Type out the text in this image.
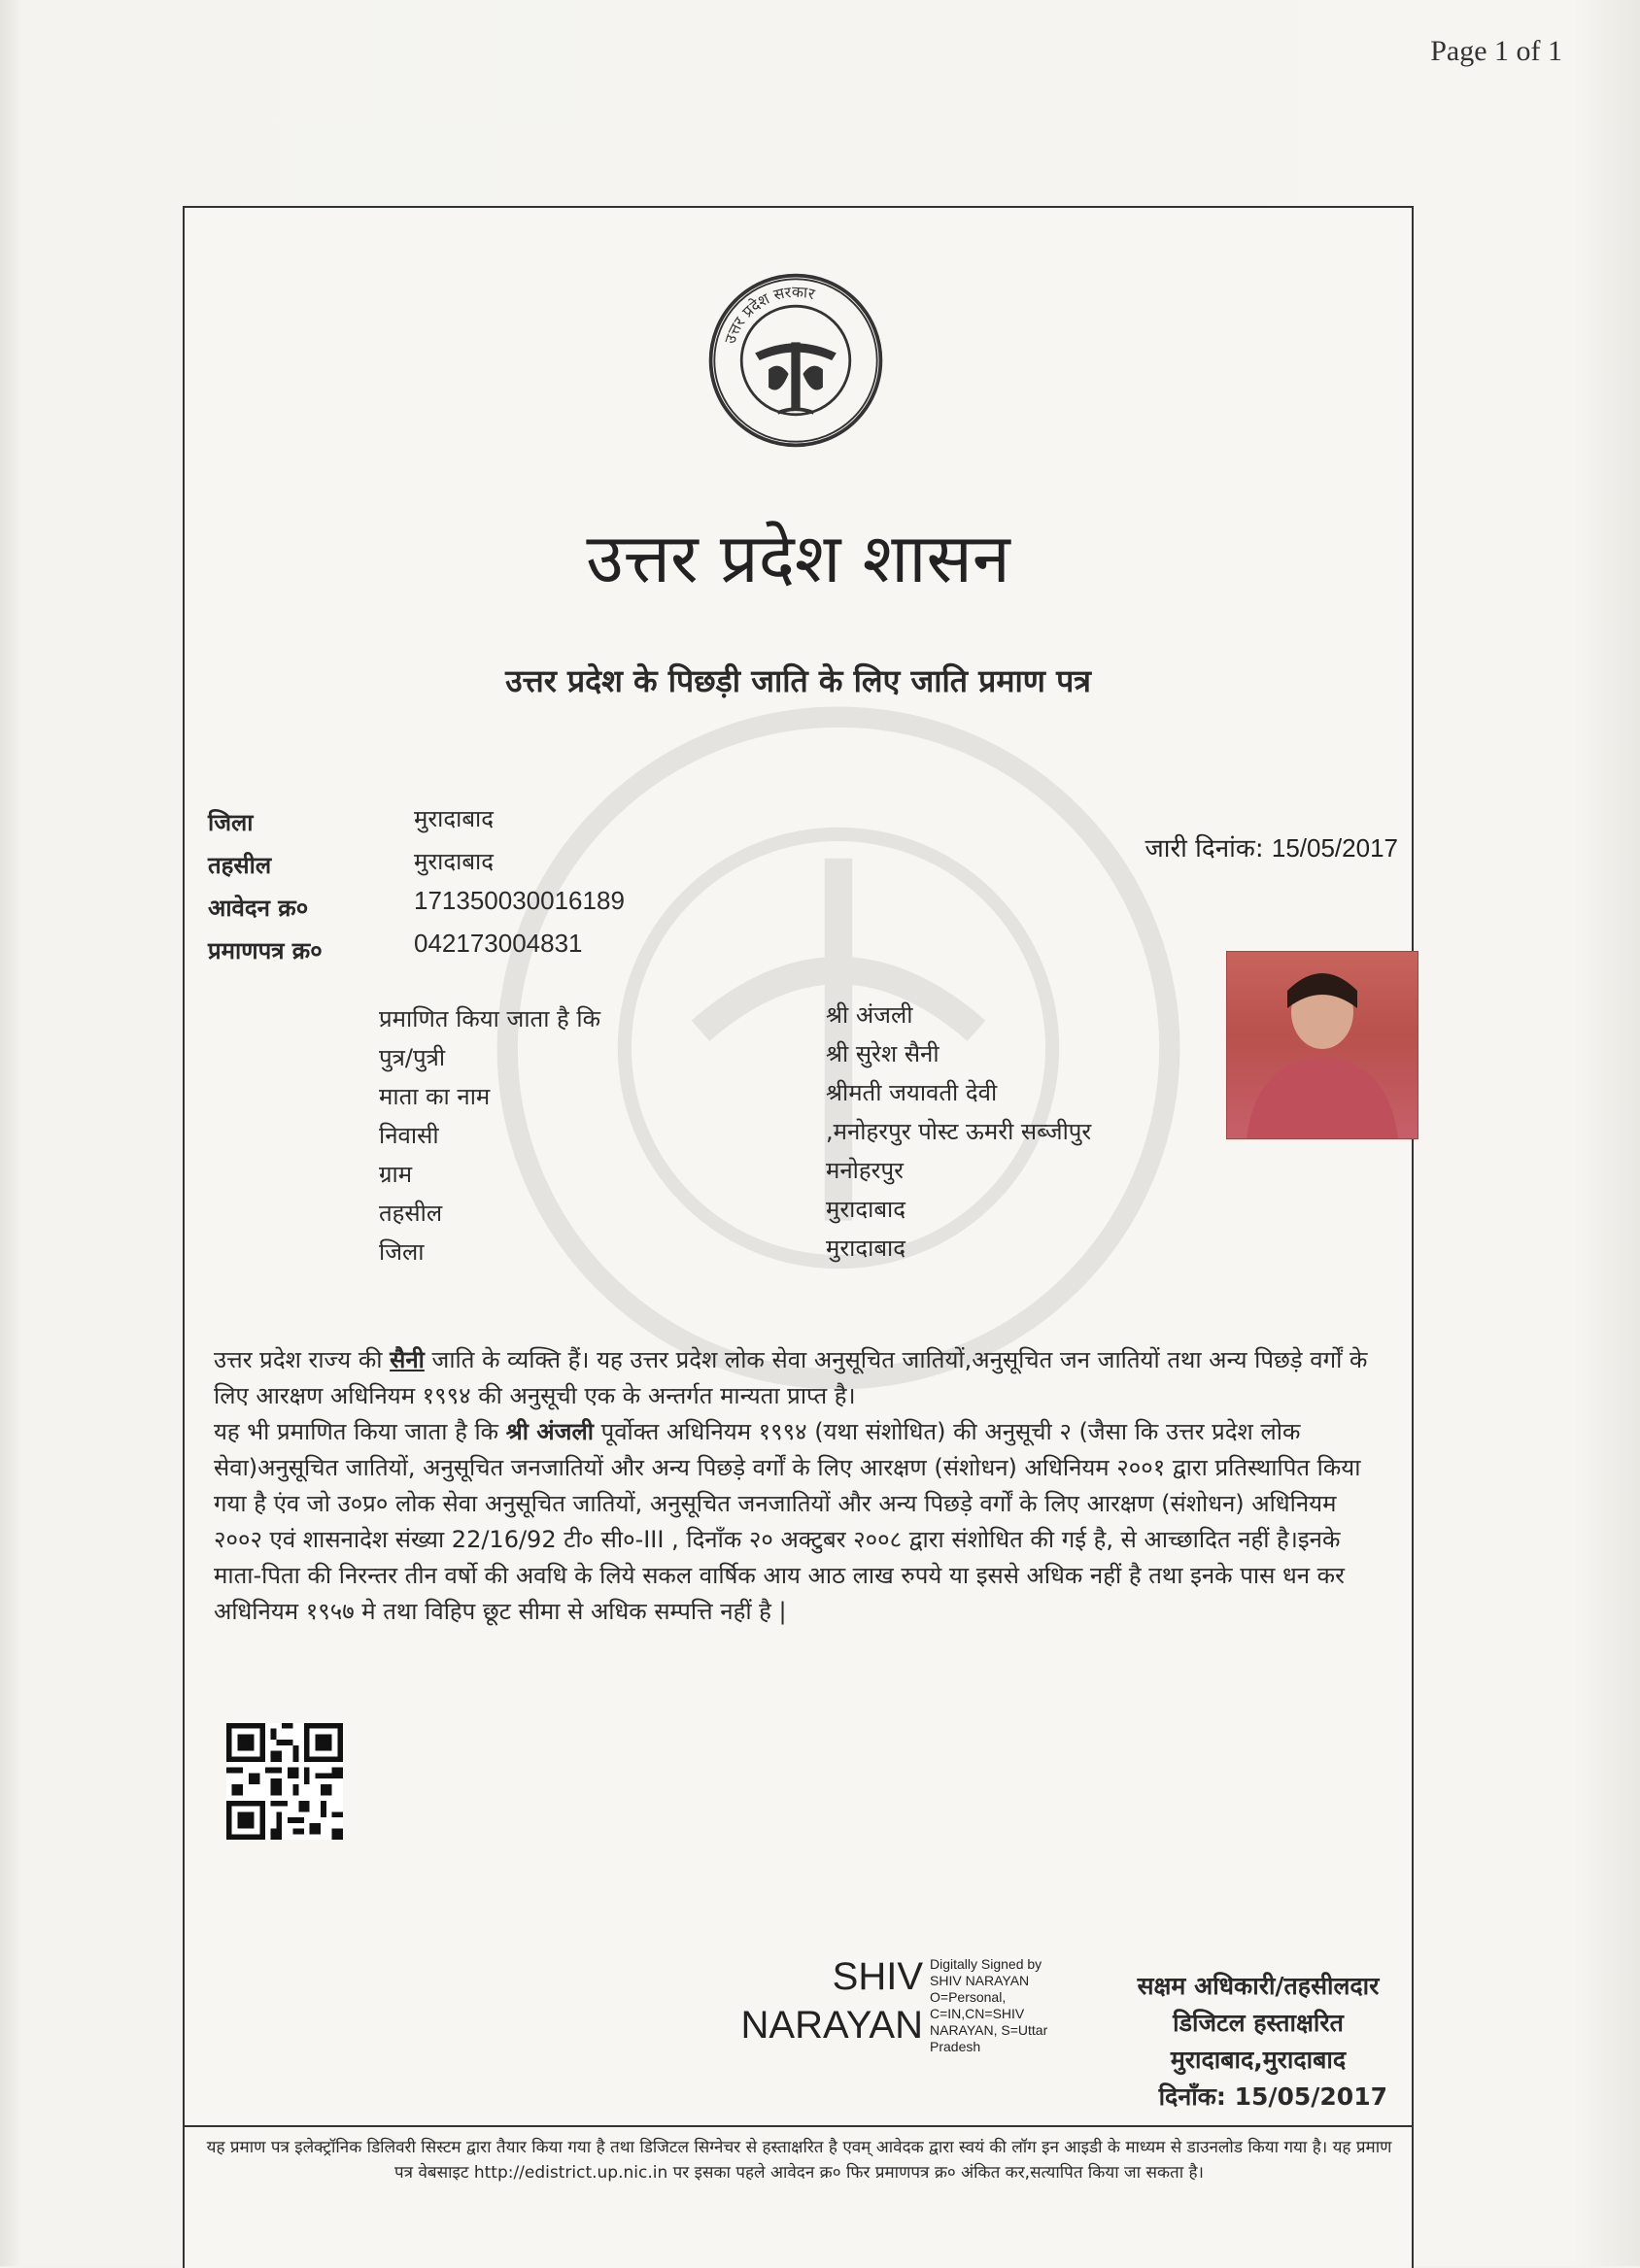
Page 1 of 1
उत्तर प्रदेश सरकार
उत्तर प्रदेश शासन
उत्तर प्रदेश के पिछड़ी जाति के लिए जाति प्रमाण पत्र
जिला	मुरादाबाद
तहसील	मुरादाबाद
आवेदन क्र०	171350030016189
प्रमाणपत्र क्र०	042173004831
जारी दिनांक: 15/05/2017
प्रमाणित किया जाता है कि	श्री अंजली
पुत्र/पुत्री	श्री सुरेश सैनी
माता का नाम	श्रीमती जयावती देवी
निवासी	,मनोहरपुर पोस्ट ऊमरी सब्जीपुर
ग्राम	मनोहरपुर
तहसील	मुरादाबाद
जिला	मुरादाबाद
उत्तर प्रदेश राज्य की सैनी जाति के व्यक्ति हैं। यह उत्तर प्रदेश लोक सेवा अनुसूचित जातियों,अनुसूचित जन जातियों तथा अन्य पिछड़े वर्गों के लिए आरक्षण अधिनियम १९९४ की अनुसूची एक के अन्तर्गत मान्यता प्राप्त है।
यह भी प्रमाणित किया जाता है कि श्री अंजली पूर्वोक्त अधिनियम १९९४ (यथा संशोधित) की अनुसूची २ (जैसा कि उत्तर प्रदेश लोक सेवा)अनुसूचित जातियों, अनुसूचित जनजातियों और अन्य पिछड़े वर्गों के लिए आरक्षण (संशोधन) अधिनियम २००१ द्वारा प्रतिस्थापित किया गया है एंव जो उ०प्र० लोक सेवा अनुसूचित जातियों, अनुसूचित जनजातियों और अन्य पिछड़े वर्गों के लिए आरक्षण (संशोधन) अधिनियम २००२ एवं शासनादेश संख्या 22/16/92 टी० सी०-III , दिनाँक २० अक्टुबर २००८ द्वारा संशोधित की गई है, से आच्छादित नहीं है।इनके माता-पिता की निरन्तर तीन वर्षो की अवधि के लिये सकल वार्षिक आय आठ लाख रुपये या इससे अधिक नहीं है तथा इनके पास धन कर अधिनियम १९५७ मे तथा विहिप छूट सीमा से अधिक सम्पत्ति नहीं है |
SHIV
NARAYAN
Digitally Signed by
SHIV NARAYAN
O=Personal,
C=IN,CN=SHIV
NARAYAN, S=Uttar
Pradesh
सक्षम अधिकारी/तहसीलदार
डिजिटल हस्ताक्षरित
मुरादाबाद,मुरादाबाद
दिनाँक: 15/05/2017
यह प्रमाण पत्र इलेक्ट्रॉनिक डिलिवरी सिस्टम द्वारा तैयार किया गया है तथा डिजिटल सिग्नेचर से हस्ताक्षरित है एवम् आवेदक द्वारा स्वयं की लॉग इन आइडी के माध्यम से डाउनलोड किया गया है। यह प्रमाण पत्र वेबसाइट http://edistrict.up.nic.in पर इसका पहले आवेदन क्र० फिर प्रमाणपत्र क्र० अंकित कर,सत्यापित किया जा सकता है।
